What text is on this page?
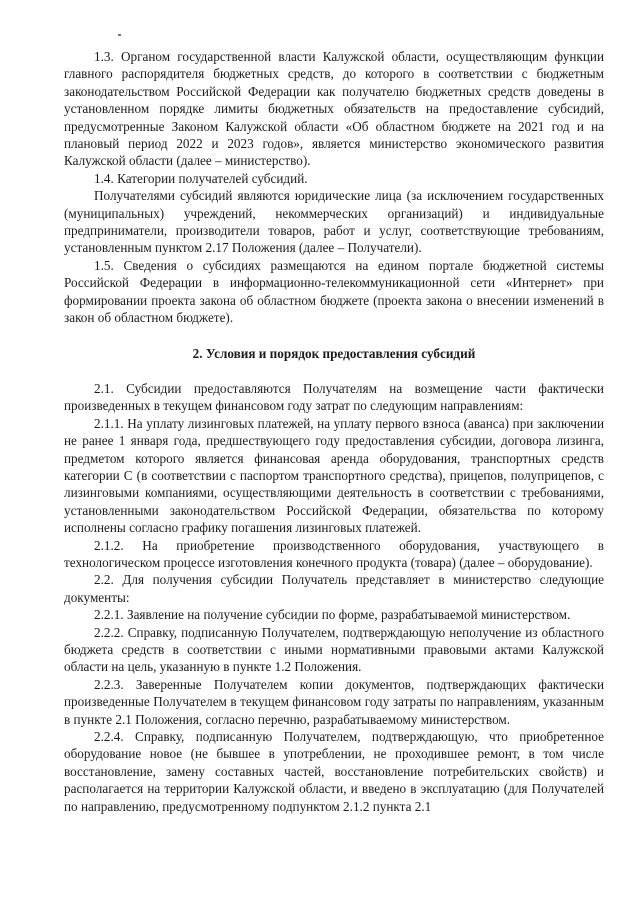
1.3. Органом государственной власти Калужской области, осуществляющим функции главного распорядителя бюджетных средств, до которого в соответствии с бюджетным законодательством Российской Федерации как получателю бюджетных средств доведены в установленном порядке лимиты бюджетных обязательств на предоставление субсидий, предусмотренные Законом Калужской области «Об областном бюджете на 2021 год и на плановый период 2022 и 2023 годов», является министерство экономического развития Калужской области (далее – министерство).

1.4. Категории получателей субсидий.

Получателями субсидий являются юридические лица (за исключением государственных (муниципальных) учреждений, некоммерческих организаций) и индивидуальные предприниматели, производители товаров, работ и услуг, соответствующие требованиям, установленным пунктом 2.17 Положения (далее – Получатели).

1.5. Сведения о субсидиях размещаются на едином портале бюджетной системы Российской Федерации в информационно-телекоммуникационной сети «Интернет» при формировании проекта закона об областном бюджете (проекта закона о внесении изменений в закон об областном бюджете).

2. Условия и порядок предоставления субсидий

2.1. Субсидии предоставляются Получателям на возмещение части фактически произведенных в текущем финансовом году затрат по следующим направлениям:

2.1.1. На уплату лизинговых платежей, на уплату первого взноса (аванса) при заключении не ранее 1 января года, предшествующего году предоставления субсидии, договора лизинга, предметом которого является финансовая аренда оборудования, транспортных средств категории С (в соответствии с паспортом транспортного средства), прицепов, полуприцепов, с лизинговыми компаниями, осуществляющими деятельность в соответствии с требованиями, установленными законодательством Российской Федерации, обязательства по которому исполнены согласно графику погашения лизинговых платежей.

2.1.2. На приобретение производственного оборудования, участвующего в технологическом процессе изготовления конечного продукта (товара) (далее – оборудование).

2.2. Для получения субсидии Получатель представляет в министерство следующие документы:

2.2.1. Заявление на получение субсидии по форме, разрабатываемой министерством.

2.2.2. Справку, подписанную Получателем, подтверждающую неполучение из областного бюджета средств в соответствии с иными нормативными правовыми актами Калужской области на цель, указанную в пункте 1.2 Положения.

2.2.3. Заверенные Получателем копии документов, подтверждающих фактически произведенные Получателем в текущем финансовом году затраты по направлениям, указанным в пункте 2.1 Положения, согласно перечню, разрабатываемому министерством.

2.2.4. Справку, подписанную Получателем, подтверждающую, что приобретенное оборудование новое (не бывшее в употреблении, не проходившее ремонт, в том числе восстановление, замену составных частей, восстановление потребительских свойств) и располагается на территории Калужской области, и введено в эксплуатацию (для Получателей по направлению, предусмотренному подпунктом 2.1.2 пункта 2.1
